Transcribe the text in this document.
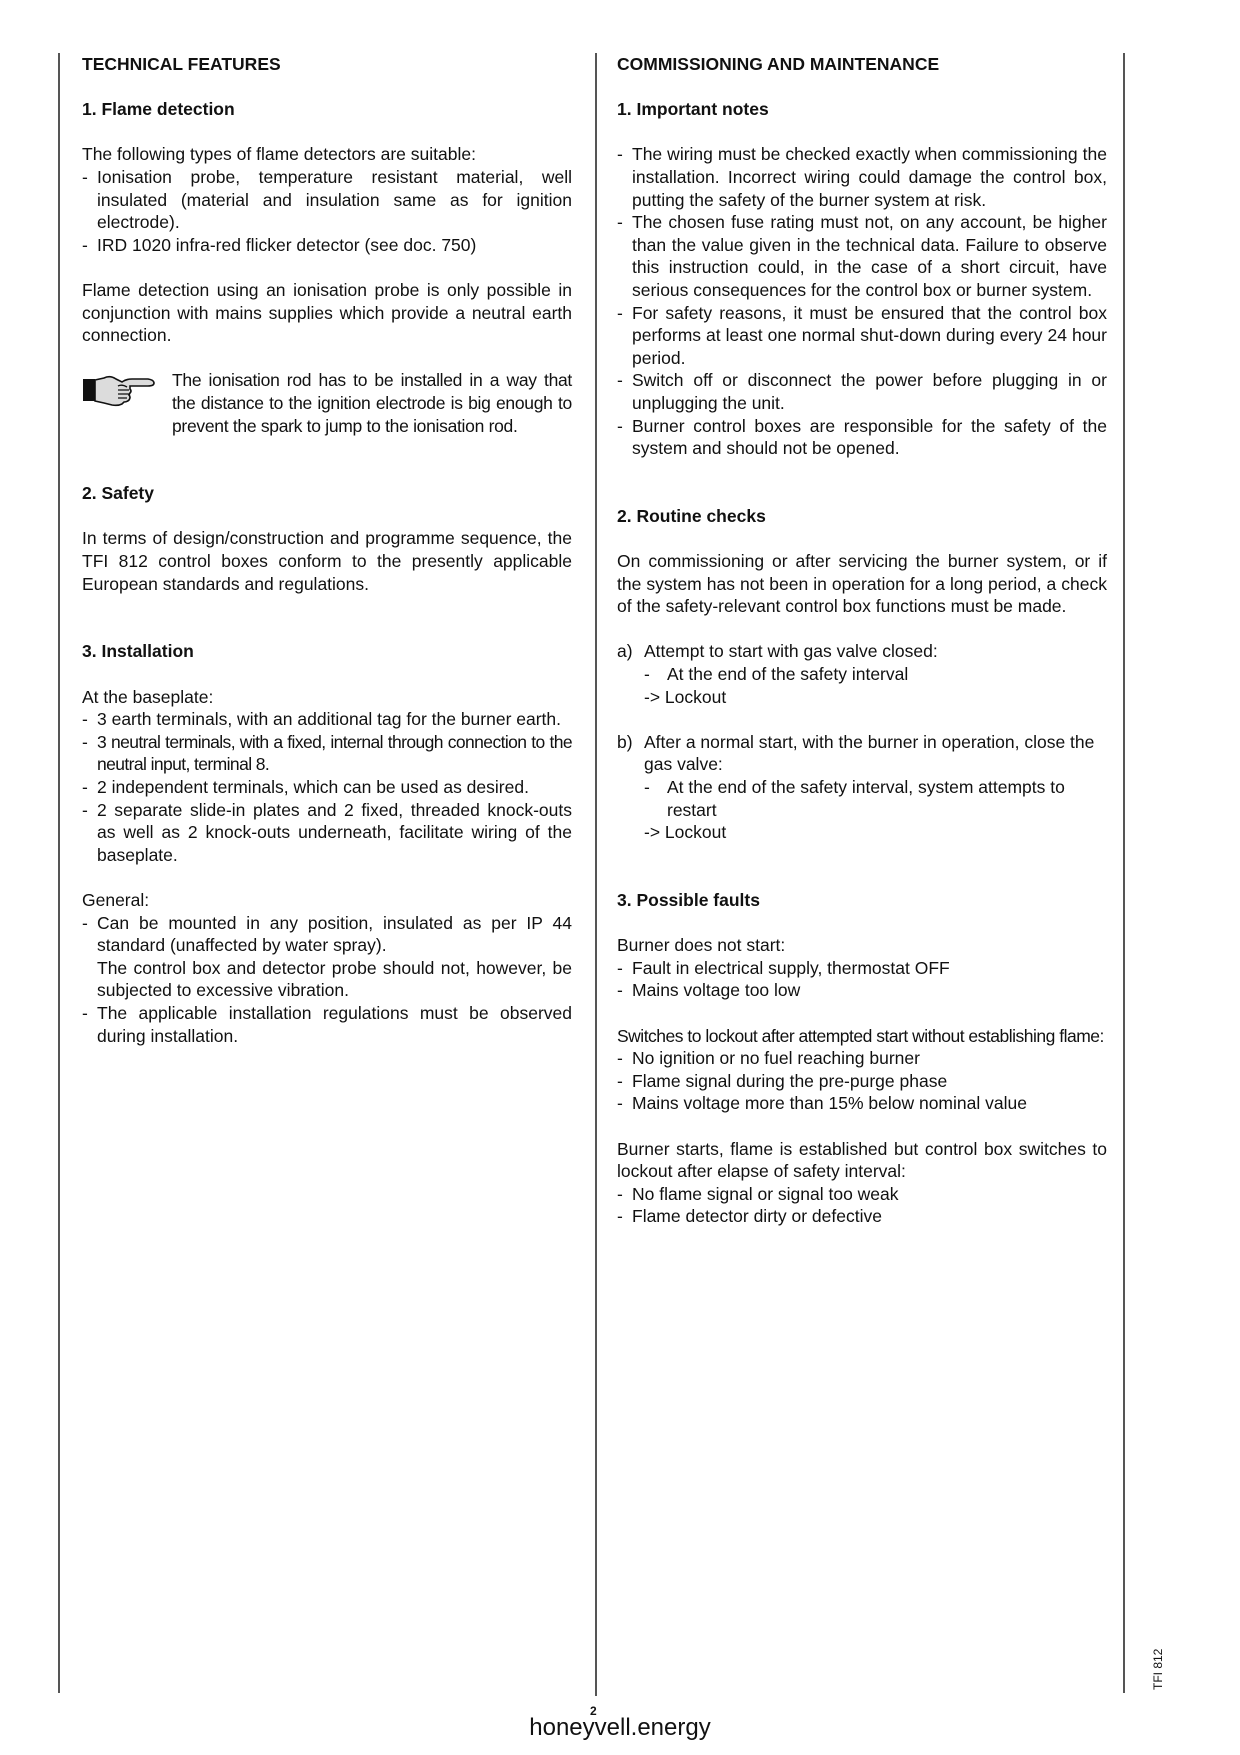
TECHNICAL FEATURES
1. Flame detection

The following types of flame detectors are suitable:

- Ionisation probe, temperature resistant material, well insulated (material and insulation same as for ignition electrode).
- IRD 1020 infra-red flicker detector (see doc. 750)

Flame detection using an ionisation probe is only possible in conjunction with mains supplies which provide a neutral earth connection.

The ionisation rod has to be installed in a way that the distance to the ignition electrode is big enough to prevent the spark to jump to the ionisation rod.
2. Safety

In terms of design/construction and programme sequence, the TFI 812 control boxes conform to the presently applicable European standards and regulations.

3. Installation

At the baseplate:

- 3 earth terminals, with an additional tag for the burner earth.
- 3 neutral terminals, with a fixed, internal through connection to the neutral input, terminal 8.
- 2 independent terminals, which can be used as desired.
- 2 separate slide-in plates and 2 fixed, threaded knock-outs as well as 2 knock-outs underneath, facilitate wiring of the baseplate.

General:

- Can be mounted in any position, insulated as per IP 44 standard (unaffected by water spray).
The control box and detector probe should not, however, be subjected to excessive vibration.
- The applicable installation regulations must be observed during installation.
COMMISSIONING AND MAINTENANCE
1. Important notes
- The wiring must be checked exactly when commissioning the installation. Incorrect wiring could damage the control box, putting the safety of the burner system at risk.
- The chosen fuse rating must not, on any account, be higher than the value given in the technical data. Failure to observe this instruction could, in the case of a short circuit, have serious consequences for the control box or burner system.
- For safety reasons, it must be ensured that the control box performs at least one normal shut-down during every 24 hour period.
- Switch off or disconnect the power before plugging in or unplugging the unit.
- Burner control boxes are responsible for the safety of the system and should not be opened.
2. Routine checks

On commissioning or after servicing the burner system, or if the system has not been in operation for a long period, a check of the safety-relevant control box functions must be made.

a) Attempt to start with gas valve closed:
- At the end of the safety interval
-> Lockout
b) After a normal start, with the burner in operation, close the gas valve:
- At the end of the safety interval, system attempts to restart
-> Lockout
3. Possible faults

Burner does not start:

- Fault in electrical supply, thermostat OFF
- Mains voltage too low

Switches to lockout after attempted start without establishing flame:

- No ignition or no fuel reaching burner
- Flame signal during the pre-purge phase
- Mains voltage more than 15% below nominal value

Burner starts, flame is established but control box switches to lockout after elapse of safety interval:

- No flame signal or signal too weak
- Flame detector dirty or defective
TFI 812
2
honeyvell.energy
